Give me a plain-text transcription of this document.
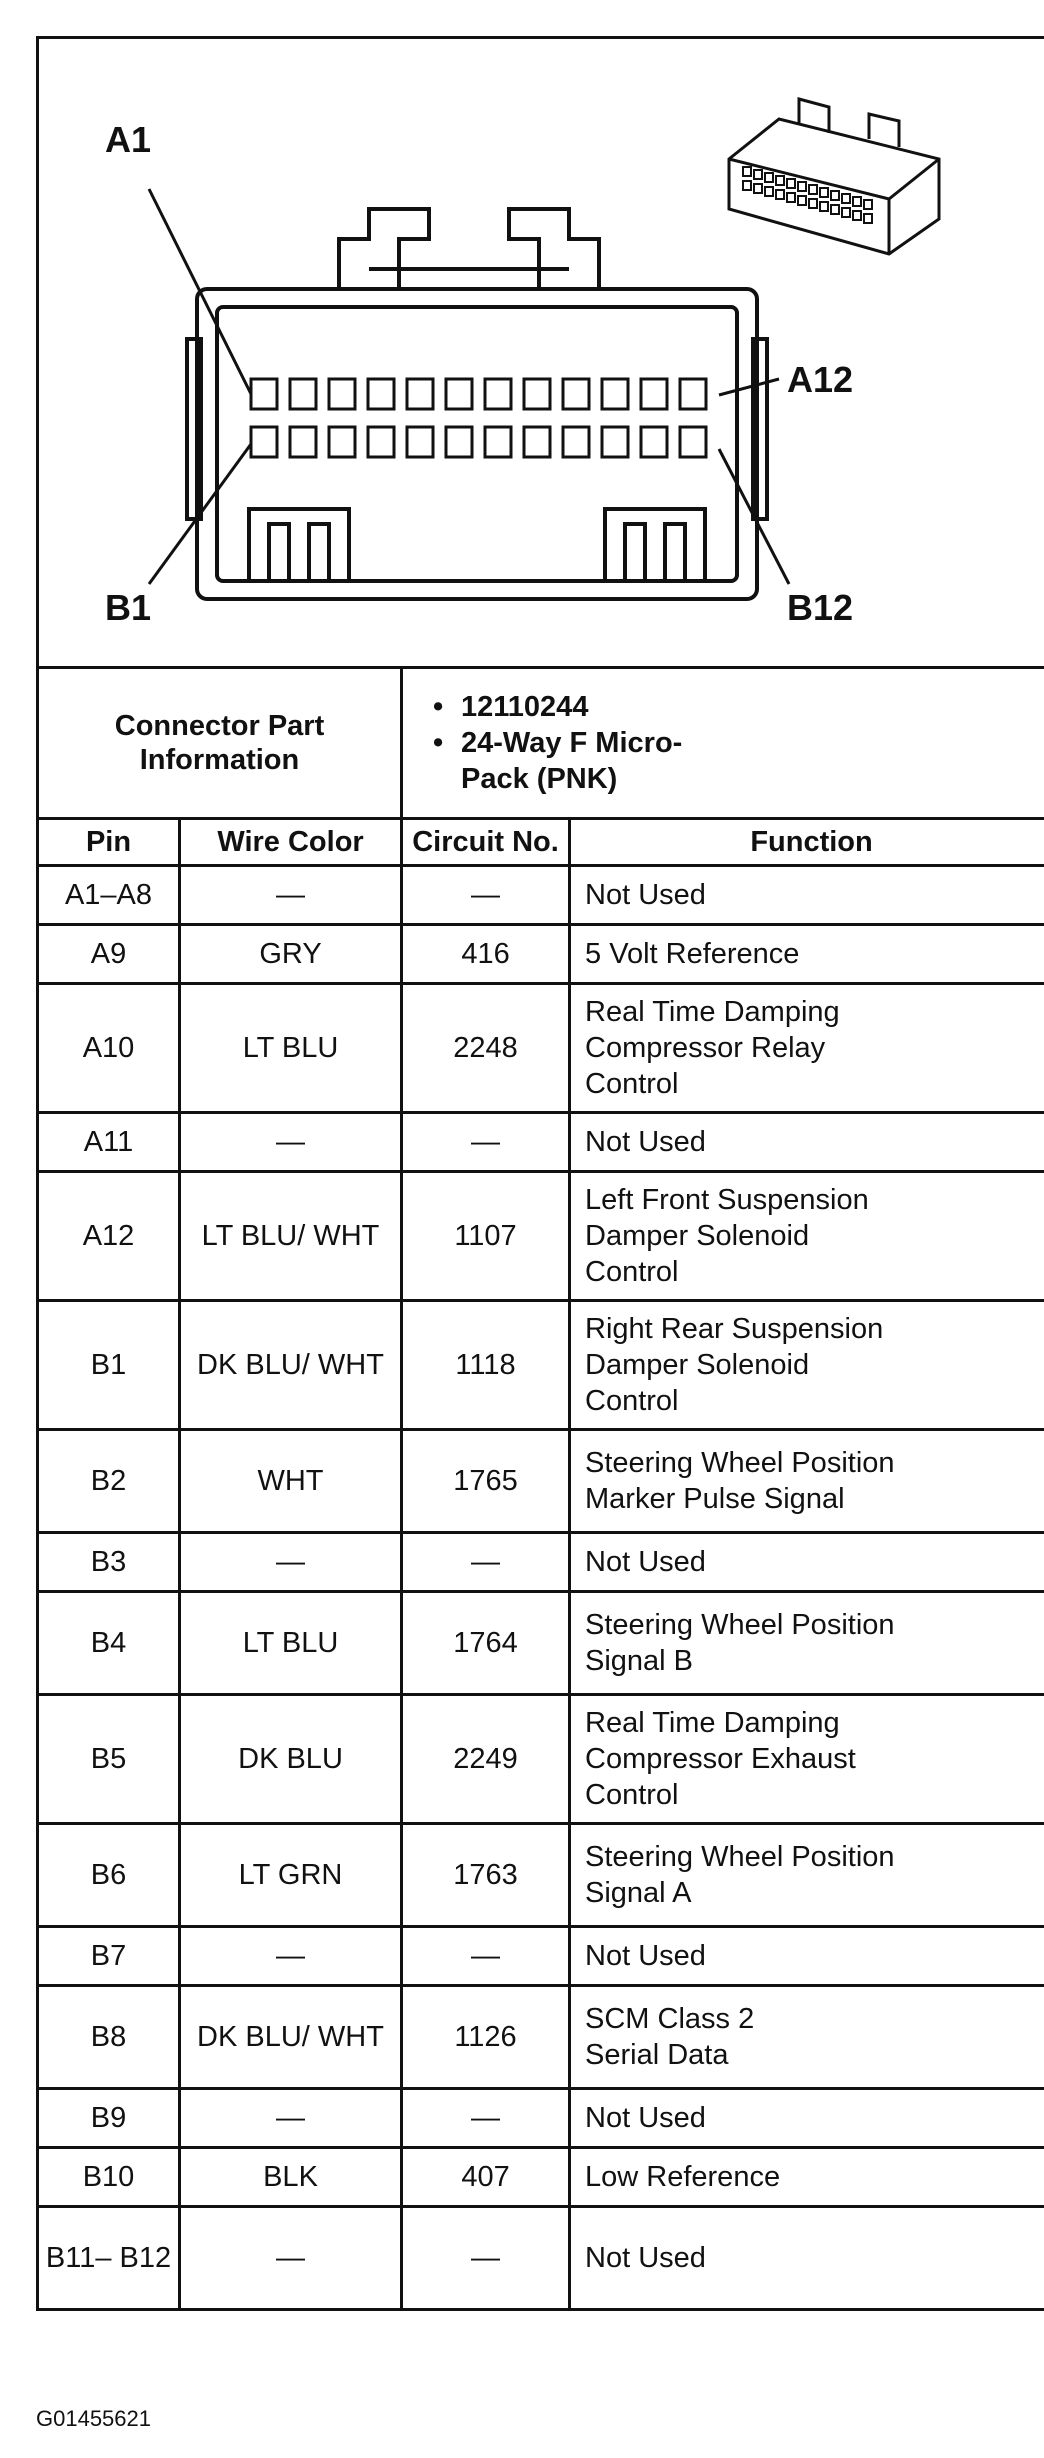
A1
A12
B1	B12
Connector Part Information		• 12110244
• 24-Way F Micro-
Pack (PNK)

Pin	Wire Color	Circuit No.	Function
A1–A8	—	—	Not Used

A9	GRY	416	5 Volt Reference

A10	LT BLU	2248	Real Time Damping
Compressor Relay
Control

A11	—	—	Not Used

A12	LT BLU/ WHT	1107	Left Front Suspension
Damper Solenoid
Control

B1	DK BLU/ WHT	1118	Right Rear Suspension
Damper Solenoid
Control

B2	WHT	1765	Steering Wheel Position
Marker Pulse Signal

B3	—	—	Not Used

B4	LT BLU	1764	Steering Wheel Position
Signal B

B5	DK BLU	2249	Real Time Damping
Compressor Exhaust
Control

B6	LT GRN	1763	Steering Wheel Position
Signal A

B7	—	—	Not Used

B8	DK BLU/ WHT	1126	SCM Class 2
Serial Data

B9	—	—	Not Used

B10	BLK	407	Low Reference

B11– B12	—	—	Not Used
G01455621
